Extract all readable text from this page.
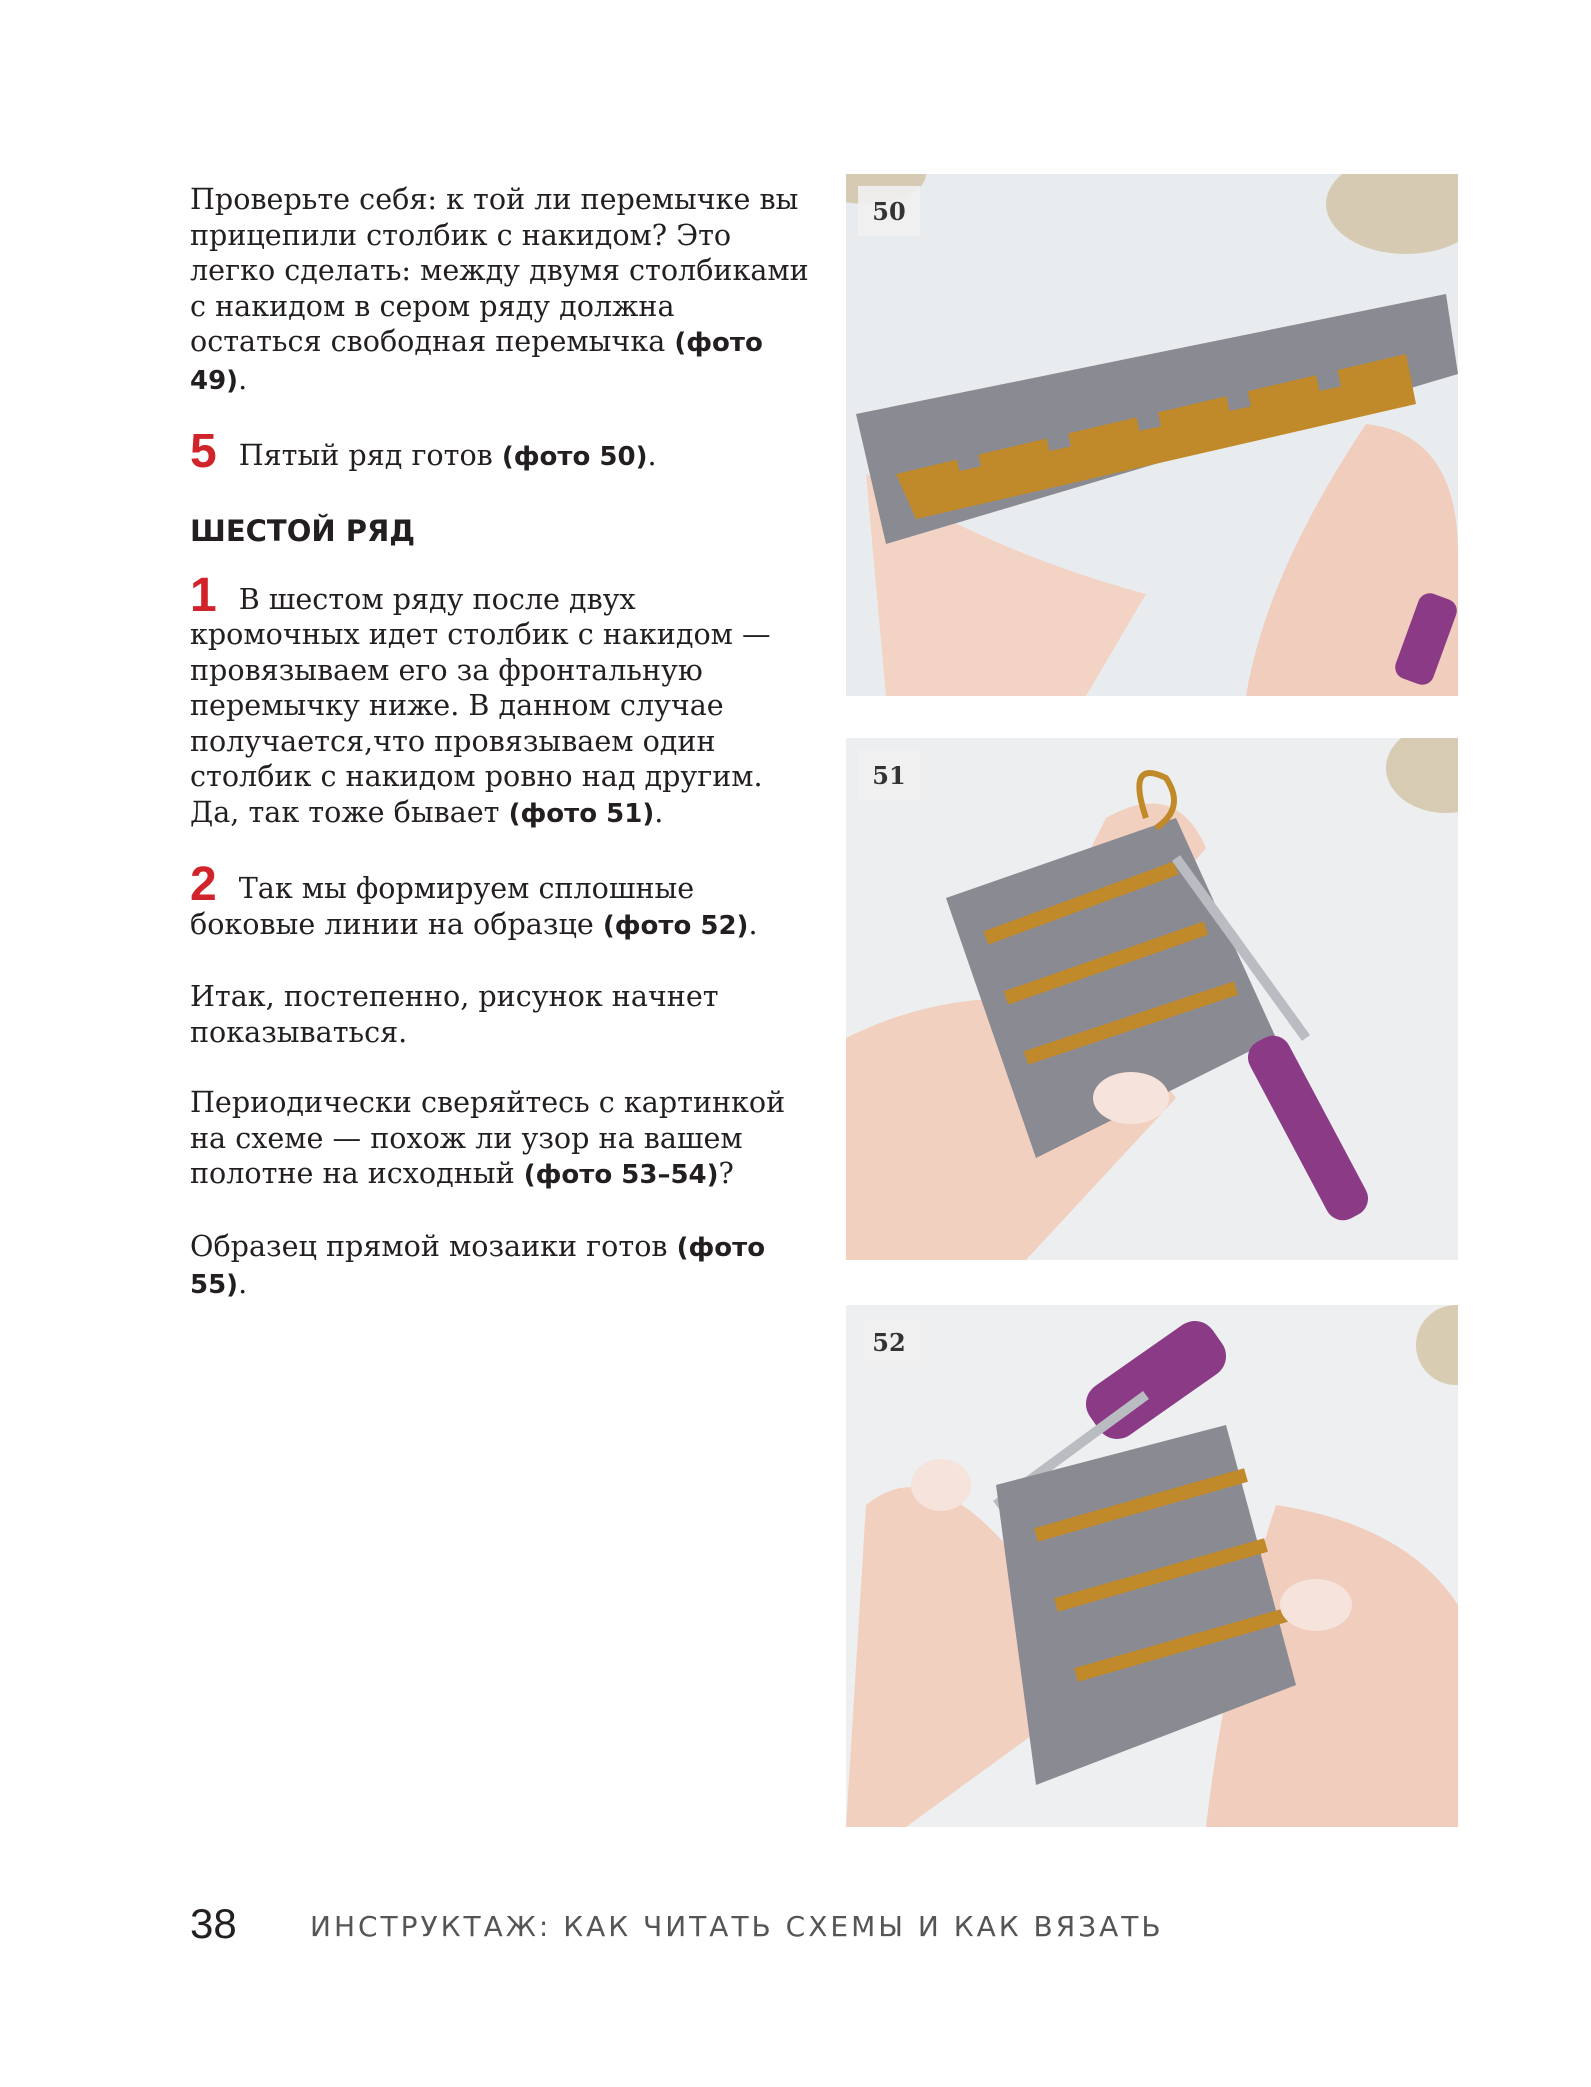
Проверьте себя: к той ли перемычке вы прицепили столбик с накидом? Это легко сделать: между двумя столбиками с накидом в сером ряду должна остаться свободная перемычка (фото 49).

5 Пятый ряд готов (фото 50).

ШЕСТОЙ РЯД

1 В шестом ряду после двух кромочных идет столбик с накидом — провязываем его за фронтальную перемычку ниже. В данном случае получается,что провязываем один столбик с накидом ровно над другим. Да, так тоже бывает (фото 51).

2 Так мы формируем сплошные боковые линии на образце (фото 52).

Итак, постепенно, рисунок начнет показываться.

Периодически сверяйтесь с картинкой на схеме — похож ли узор на вашем полотне на исходный (фото 53–54)?

Образец прямой мозаики готов (фото 55).

50
51
52
38	ИНСТРУКТАЖ: КАК ЧИТАТЬ СХЕМЫ И КАК ВЯЗАТЬ
